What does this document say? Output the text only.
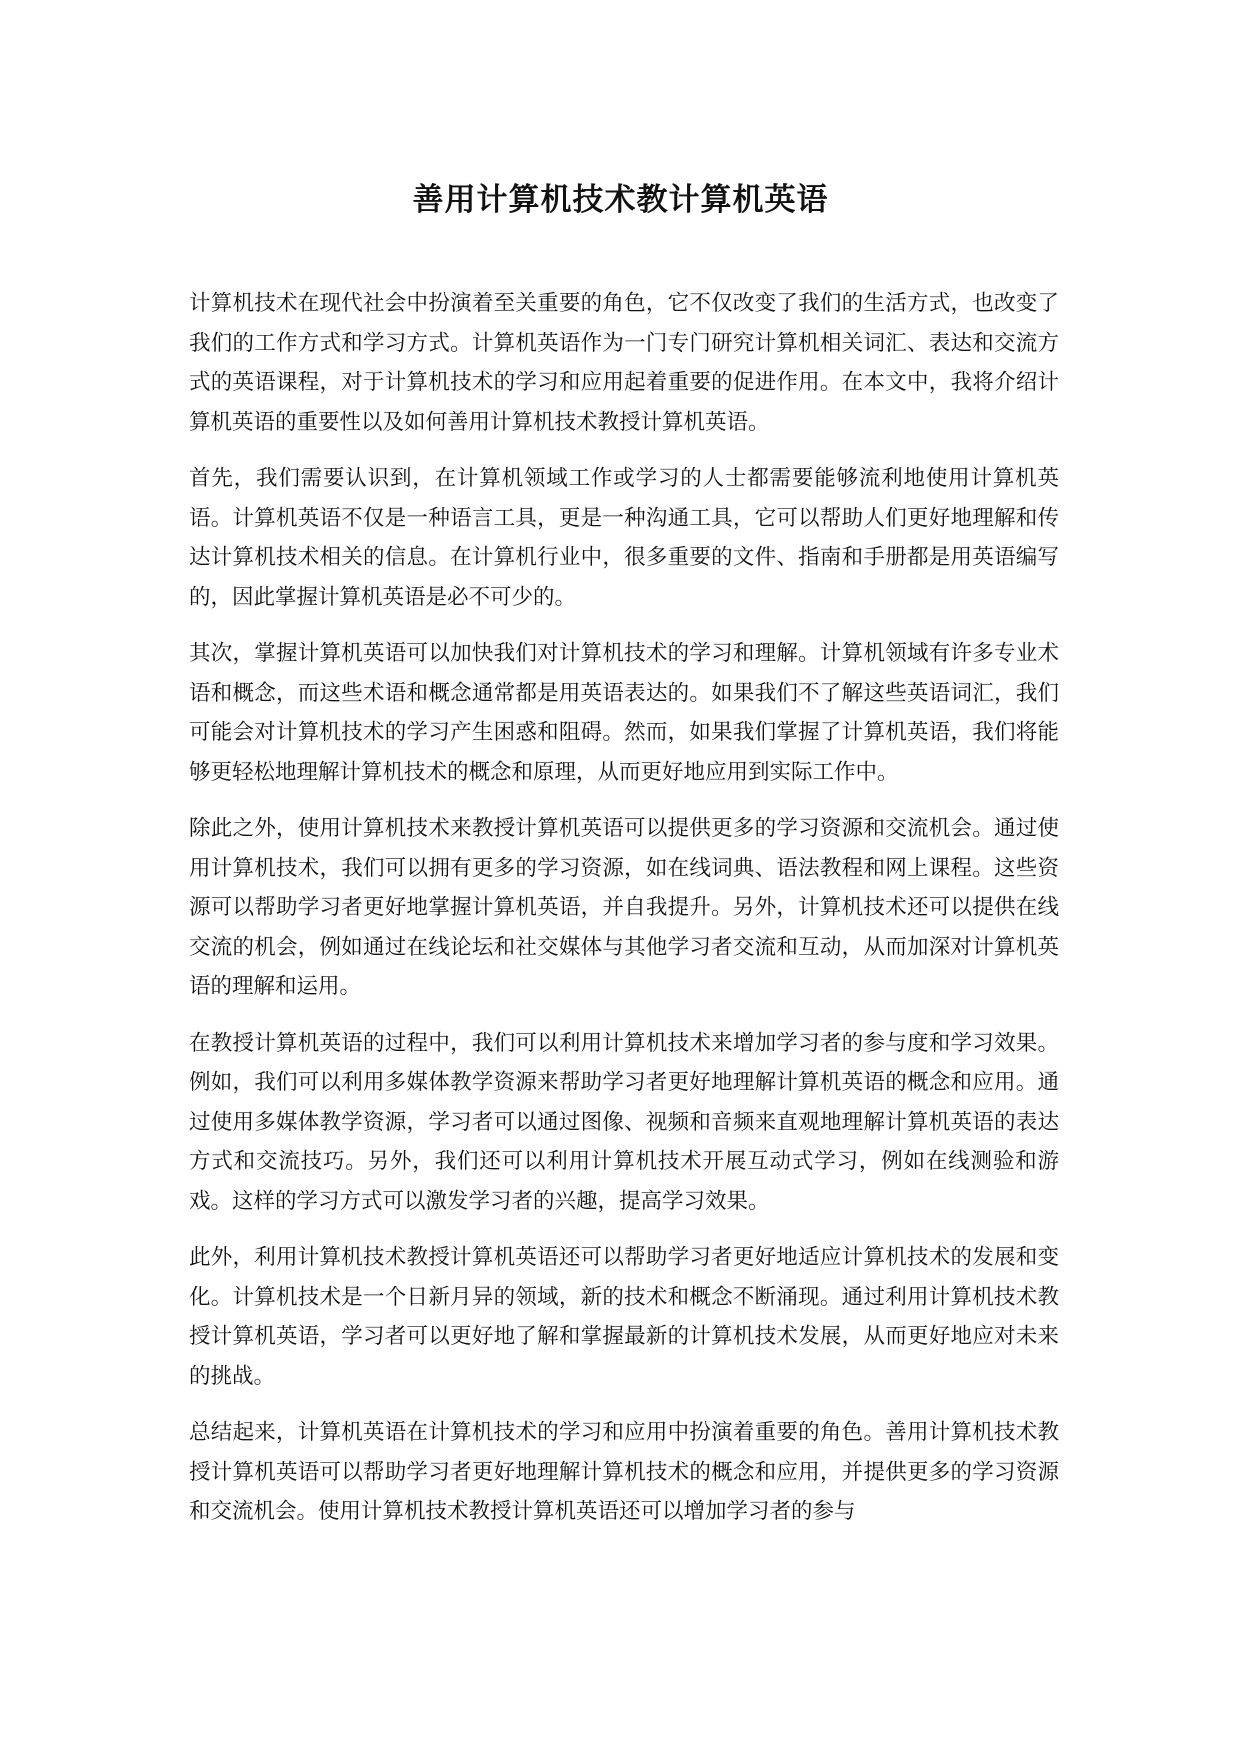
善用计算机技术教计算机英语

计算机技术在现代社会中扮演着至关重要的角色，它不仅改变了我们的生活方式，也改变了我们的工作方式和学习方式。计算机英语作为一门专门研究计算机相关词汇、表达和交流方式的英语课程，对于计算机技术的学习和应用起着重要的促进作用。在本文中，我将介绍计算机英语的重要性以及如何善用计算机技术教授计算机英语。

首先，我们需要认识到，在计算机领域工作或学习的人士都需要能够流利地使用计算机英语。计算机英语不仅是一种语言工具，更是一种沟通工具，它可以帮助人们更好地理解和传达计算机技术相关的信息。在计算机行业中，很多重要的文件、指南和手册都是用英语编写的，因此掌握计算机英语是必不可少的。

其次，掌握计算机英语可以加快我们对计算机技术的学习和理解。计算机领域有许多专业术语和概念，而这些术语和概念通常都是用英语表达的。如果我们不了解这些英语词汇，我们可能会对计算机技术的学习产生困惑和阻碍。然而，如果我们掌握了计算机英语，我们将能够更轻松地理解计算机技术的概念和原理，从而更好地应用到实际工作中。

除此之外，使用计算机技术来教授计算机英语可以提供更多的学习资源和交流机会。通过使用计算机技术，我们可以拥有更多的学习资源，如在线词典、语法教程和网上课程。这些资源可以帮助学习者更好地掌握计算机英语，并自我提升。另外，计算机技术还可以提供在线交流的机会，例如通过在线论坛和社交媒体与其他学习者交流和互动，从而加深对计算机英语的理解和运用。

在教授计算机英语的过程中，我们可以利用计算机技术来增加学习者的参与度和学习效果。例如，我们可以利用多媒体教学资源来帮助学习者更好地理解计算机英语的概念和应用。通过使用多媒体教学资源，学习者可以通过图像、视频和音频来直观地理解计算机英语的表达方式和交流技巧。另外，我们还可以利用计算机技术开展互动式学习，例如在线测验和游戏。这样的学习方式可以激发学习者的兴趣，提高学习效果。

此外，利用计算机技术教授计算机英语还可以帮助学习者更好地适应计算机技术的发展和变化。计算机技术是一个日新月异的领域，新的技术和概念不断涌现。通过利用计算机技术教授计算机英语，学习者可以更好地了解和掌握最新的计算机技术发展，从而更好地应对未来的挑战。

总结起来，计算机英语在计算机技术的学习和应用中扮演着重要的角色。善用计算机技术教授计算机英语可以帮助学习者更好地理解计算机技术的概念和应用，并提供更多的学习资源和交流机会。使用计算机技术教授计算机英语还可以增加学习者的参与
